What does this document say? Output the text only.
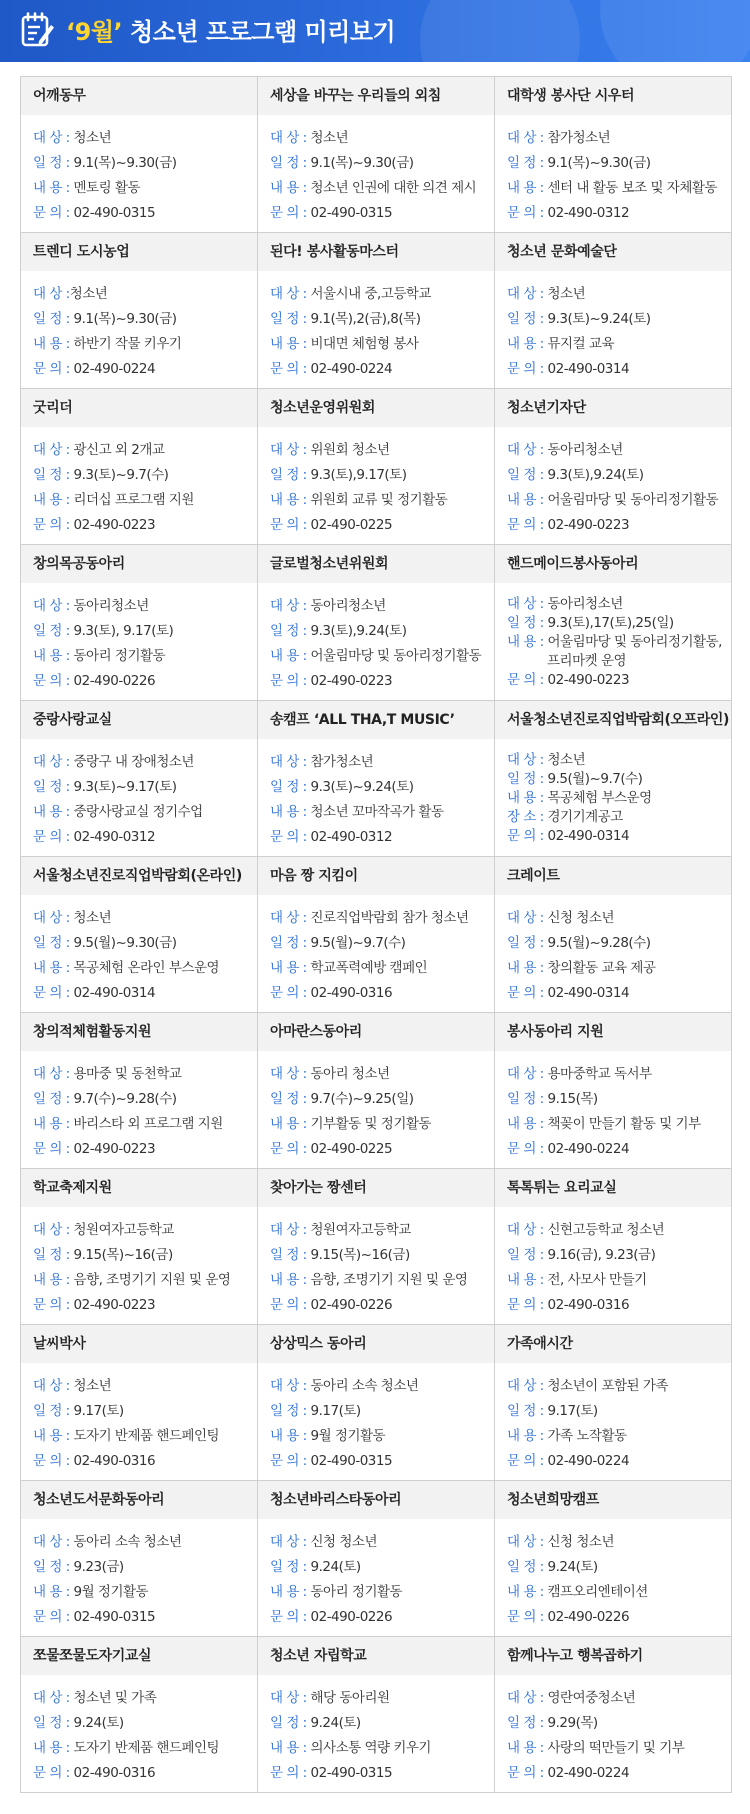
‘9월’ 청소년 프로그램 미리보기
어깨동무
대 상 : 청소년
일 정 : 9.1(목)~9.30(금)
내 용 : 멘토링 활동
문 의 : 02-490-0315
세상을 바꾸는 우리들의 외침
대 상 : 청소년
일 정 : 9.1(목)~9.30(금)
내 용 : 청소년 인권에 대한 의견 제시
문 의 : 02-490-0315
대학생 봉사단 시우터
대 상 : 참가청소년
일 정 : 9.1(목)~9.30(금)
내 용 : 센터 내 활동 보조 및 자체활동
문 의 : 02-490-0312
트렌디 도시농업
대 상 :청소년
일 정 : 9.1(목)~9.30(금)
내 용 : 하반기 작물 키우기
문 의 : 02-490-0224
된다! 봉사활동마스터
대 상 : 서울시내 중,고등학교
일 정 : 9.1(목),2(금),8(목)
내 용 : 비대면 체험형 봉사
문 의 : 02-490-0224
청소년 문화예술단
대 상 : 청소년
일 정 : 9.3(토)~9.24(토)
내 용 : 뮤지컬 교육
문 의 : 02-490-0314
굿리더
대 상 : 광신고 외 2개교
일 정 : 9.3(토)~9.7(수)
내 용 : 리더십 프로그램 지원
문 의 : 02-490-0223
청소년운영위원회
대 상 : 위원회 청소년
일 정 : 9.3(토),9.17(토)
내 용 : 위원회 교류 및 정기활동
문 의 : 02-490-0225
청소년기자단
대 상 : 동아리청소년
일 정 : 9.3(토),9.24(토)
내 용 : 어울림마당 및 동아리정기활동
문 의 : 02-490-0223
창의목공동아리
대 상 : 동아리청소년
일 정 : 9.3(토), 9.17(토)
내 용 : 동아리 정기활동
문 의 : 02-490-0226
글로벌청소년위원회
대 상 : 동아리청소년
일 정 : 9.3(토),9.24(토)
내 용 : 어울림마당 및 동아리정기활동
문 의 : 02-490-0223
핸드메이드봉사동아리
대 상 : 동아리청소년
일 정 : 9.3(토),17(토),25(일)
내 용 : 어울림마당 및 동아리정기활동,
프리마켓 운영
문 의 : 02-490-0223
중랑사랑교실
대 상 : 중랑구 내 장애청소년
일 정 : 9.3(토)~9.17(토)
내 용 : 중랑사랑교실 정기수업
문 의 : 02-490-0312
송캠프 ‘ALL THA,T MUSIC’
대 상 : 참가청소년
일 정 : 9.3(토)~9.24(토)
내 용 : 청소년 꼬마작곡가 활동
문 의 : 02-490-0312
서울청소년진로직업박람회(오프라인)
대 상 : 청소년
일 정 : 9.5(월)~9.7(수)
내 용 : 목공체험 부스운영
장 소 : 경기기계공고
문 의 : 02-490-0314
서울청소년진로직업박람회(온라인)
대 상 : 청소년
일 정 : 9.5(월)~9.30(금)
내 용 : 목공체험 온라인 부스운영
문 의 : 02-490-0314
마음 짱 지킴이
대 상 : 진로직업박람회 참가 청소년
일 정 : 9.5(월)~9.7(수)
내 용 : 학교폭력예방 캠페인
문 의 : 02-490-0316
크레이트
대 상 : 신청 청소년
일 정 : 9.5(월)~9.28(수)
내 용 : 창의활동 교육 제공
문 의 : 02-490-0314
창의적체험활동지원
대 상 : 용마중 및 동천학교
일 정 : 9.7(수)~9.28(수)
내 용 : 바리스타 외 프로그램 지원
문 의 : 02-490-0223
아마란스동아리
대 상 : 동아리 청소년
일 정 : 9.7(수)~9.25(일)
내 용 : 기부활동 및 정기활동
문 의 : 02-490-0225
봉사동아리 지원
대 상 : 용마중학교 독서부
일 정 : 9.15(목)
내 용 : 책꽂이 만들기 활동 및 기부
문 의 : 02-490-0224
학교축제지원
대 상 : 청원여자고등학교
일 정 : 9.15(목)~16(금)
내 용 : 음향, 조명기기 지원 및 운영
문 의 : 02-490-0223
찾아가는 짱센터
대 상 : 청원여자고등학교
일 정 : 9.15(목)~16(금)
내 용 : 음향, 조명기기 지원 및 운영
문 의 : 02-490-0226
톡톡튀는 요리교실
대 상 : 신현고등학교 청소년
일 정 : 9.16(금), 9.23(금)
내 용 : 전, 사모사 만들기
문 의 : 02-490-0316
날씨박사
대 상 : 청소년
일 정 : 9.17(토)
내 용 : 도자기 반제품 핸드페인팅
문 의 : 02-490-0316
상상믹스 동아리
대 상 : 동아리 소속 청소년
일 정 : 9.17(토)
내 용 : 9월 정기활동
문 의 : 02-490-0315
가족애시간
대 상 : 청소년이 포함된 가족
일 정 : 9.17(토)
내 용 : 가족 노작활동
문 의 : 02-490-0224
청소년도서문화동아리
대 상 : 동아리 소속 청소년
일 정 : 9.23(금)
내 용 : 9월 정기활동
문 의 : 02-490-0315
청소년바리스타동아리
대 상 : 신청 청소년
일 정 : 9.24(토)
내 용 : 동아리 정기활동
문 의 : 02-490-0226
청소년희망캠프
대 상 : 신청 청소년
일 정 : 9.24(토)
내 용 : 캠프오리엔테이션
문 의 : 02-490-0226
쪼물쪼물도자기교실
대 상 : 청소년 및 가족
일 정 : 9.24(토)
내 용 : 도자기 반제품 핸드페인팅
문 의 : 02-490-0316
청소년 자립학교
대 상 : 해당 동아리원
일 정 : 9.24(토)
내 용 : 의사소통 역량 키우기
문 의 : 02-490-0315
함께나누고 행복곱하기
대 상 : 영란여중청소년
일 정 : 9.29(목)
내 용 : 사랑의 떡만들기 및 기부
문 의 : 02-490-0224
